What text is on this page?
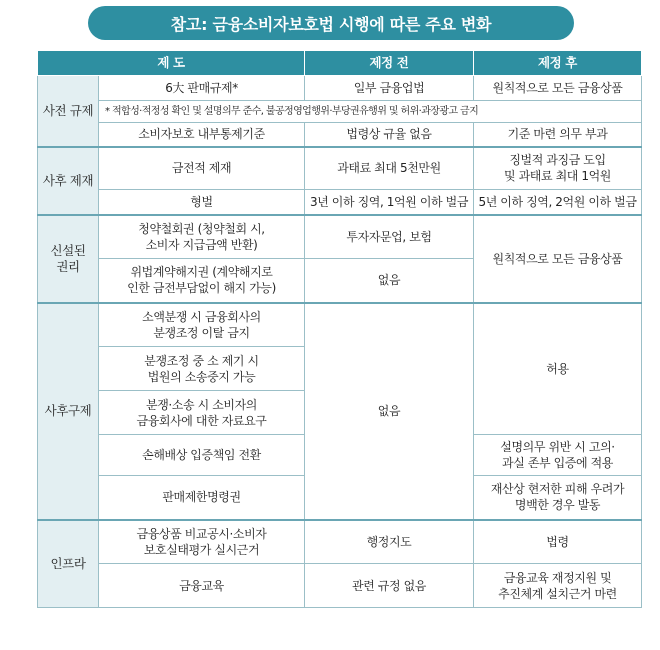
참고: 금융소비자보호법 시행에 따른 주요 변화
제 도		제정 전	제정 후
사전 규제	6大 판매규제*	일부 금융업법	원칙적으로 모든 금융상품
	* 적합성·적정성 확인 및 설명의무 준수, 불공정영업행위·부당권유행위 및 허위·과장광고 금지		
	소비자보호 내부통제기준	법령상 규율 없음	기준 마련 의무 부과
사후 제재	금전적 제재	과태료 최대 5천만원	징벌적 과징금 도입
및 과태료 최대 1억원
	형벌	3년 이하 징역, 1억원 이하 벌금	5년 이하 징역, 2억원 이하 벌금
신설된
권리	청약철회권 (청약철회 시,
소비자 지급금액 반환)	투자자문업, 보험	원칙적으로 모든 금융상품
	위법계약해지권 (계약해지로
인한 금전부담없이 해지 가능)	없음	
사후구제	소액분쟁 시 금융회사의
분쟁조정 이탈 금지	없음	허용
	분쟁조정 중 소 제기 시
법원의 소송중지 가능		
	분쟁·소송 시 소비자의
금융회사에 대한 자료요구		
	손해배상 입증책임 전환		설명의무 위반 시 고의·
과실 존부 입증에 적용
	판매제한명령권		재산상 현저한 피해 우려가
명백한 경우 발동
인프라	금융상품 비교공시·소비자
보호실태평가 실시근거	행정지도	법령
	금융교육	관련 규정 없음	금융교육 재정지원 및
추진체계 설치근거 마련
